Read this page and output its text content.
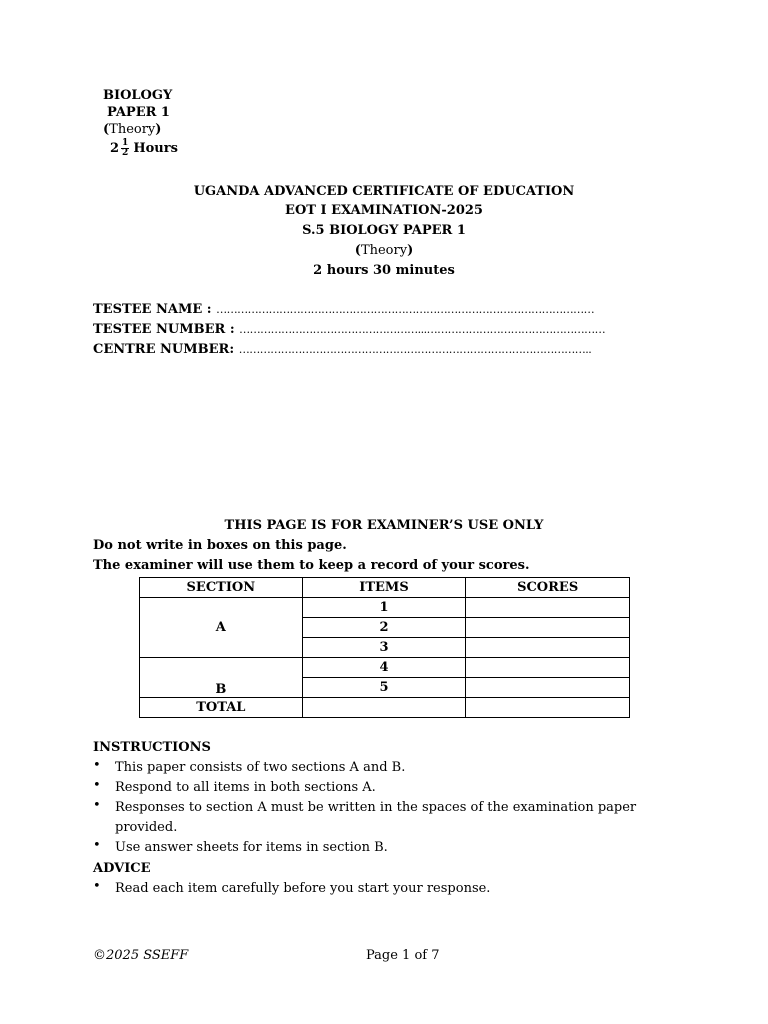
BIOLOGY
PAPER 1
(Theory)
$2 \frac{1}{2}$ Hours
UGANDA ADVANCED CERTIFICATE OF EDUCATION
EOT I EXAMINATION-2025
S.5 BIOLOGY PAPER 1
(Theory)
2 hours 30 minutes
TESTEE NAME : ………………………………………………………………………………………………
TESTEE NUMBER : ……………………………………………...……………………………………………
CENTRE NUMBER: ………………………………………………………………………………………..
THIS PAGE IS FOR EXAMINER’S USE ONLY
Do not write in boxes on this page.
The examiner will use them to keep a record of your scores.
SECTION	ITEMS	SCORES
A	1	
	2	
	3	
B	4	
	5	
TOTAL		
INSTRUCTIONS
• This paper consists of two sections A and B.
• Respond to all items in both sections A.
• Responses to section A must be written in the spaces of the examination paper provided.
• Use answer sheets for items in section B.
ADVICE
• Read each item carefully before you start your response.
©2025 SSEFF	Page 1 of 7
